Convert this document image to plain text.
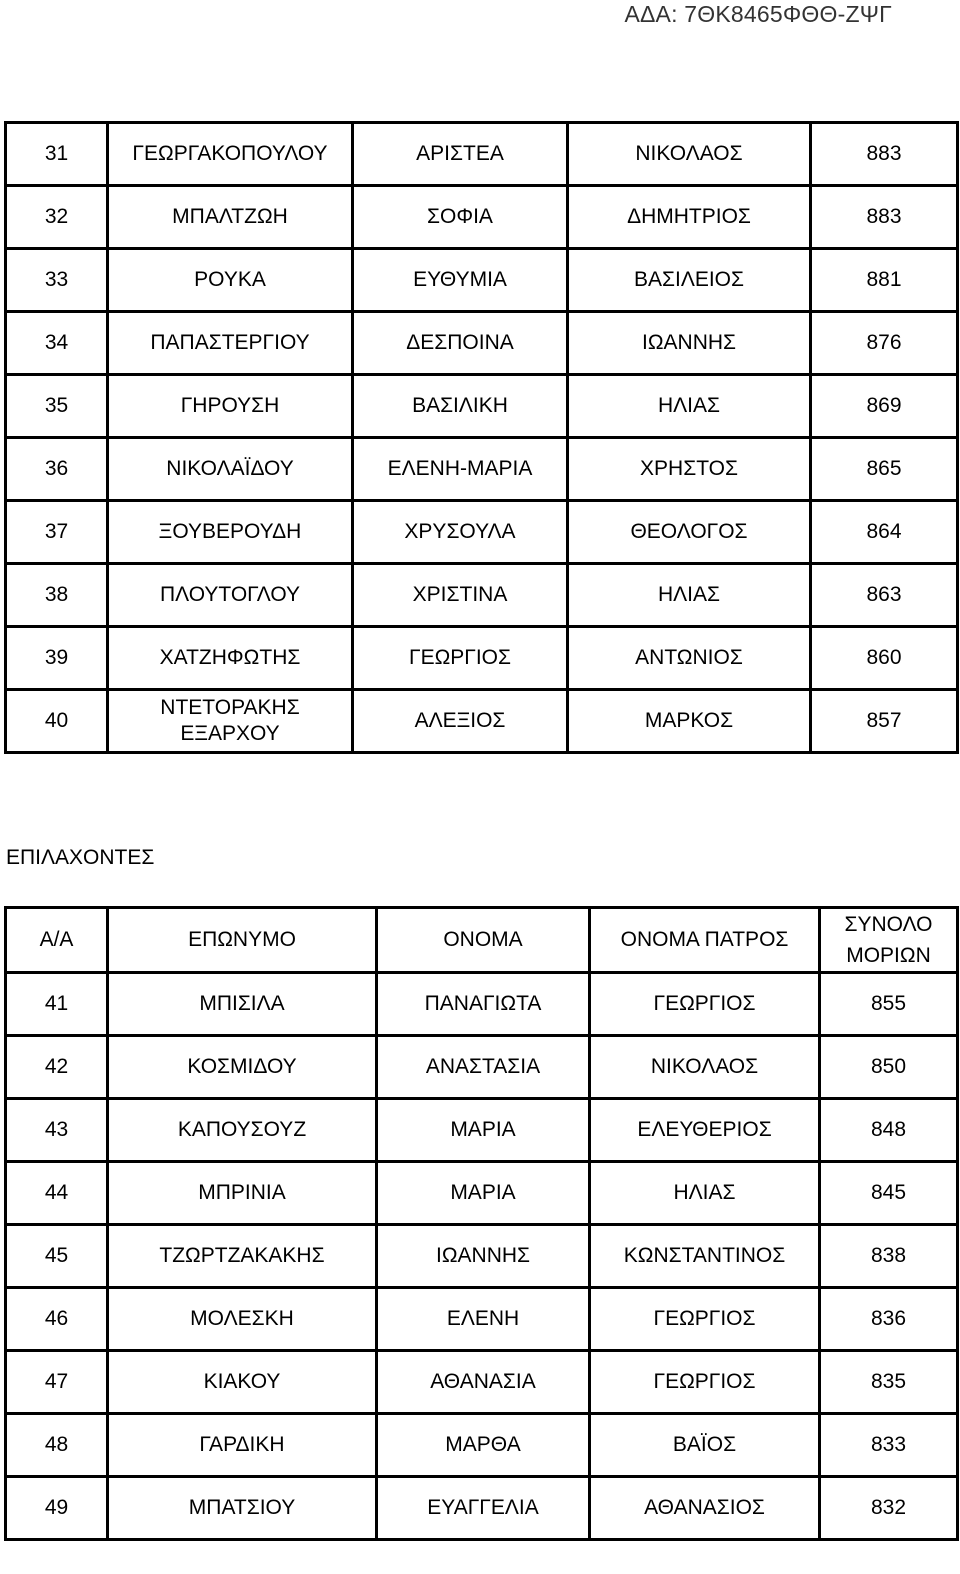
ΑΔΑ: 7ΘΚ8465ΦΘΘ-ΖΨΓ
31	ΓΕΩΡΓΑΚΟΠΟΥΛΟΥ	ΑΡΙΣΤΕΑ	ΝΙΚΟΛΑΟΣ	883
32	ΜΠΑΛΤΖΩΗ	ΣΟΦΙΑ	ΔΗΜΗΤΡΙΟΣ	883
33	ΡΟΥΚΑ	ΕΥΘΥΜΙΑ	ΒΑΣΙΛΕΙΟΣ	881
34	ΠΑΠΑΣΤΕΡΓΙΟΥ	ΔΕΣΠΟΙΝΑ	ΙΩΑΝΝΗΣ	876
35	ΓΗΡΟΥΣΗ	ΒΑΣΙΛΙΚΗ	ΗΛΙΑΣ	869
36	ΝΙΚΟΛΑΪΔΟΥ	ΕΛΕΝΗ-ΜΑΡΙΑ	ΧΡΗΣΤΟΣ	865
37	ΞΟΥΒΕΡΟΥΔΗ	ΧΡΥΣΟΥΛΑ	ΘΕΟΛΟΓΟΣ	864
38	ΠΛΟΥΤΟΓΛΟΥ	ΧΡΙΣΤΙΝΑ	ΗΛΙΑΣ	863
39	ΧΑΤΖΗΦΩΤΗΣ	ΓΕΩΡΓΙΟΣ	ΑΝΤΩΝΙΟΣ	860
40	ΝΤΕΤΟΡΑΚΗΣ ΕΞΑΡΧΟΥ	ΑΛΕΞΙΟΣ	ΜΑΡΚΟΣ	857
ΕΠΙΛΑΧΟΝΤΕΣ
Α/Α	ΕΠΩΝΥΜΟ	ΟΝΟΜΑ	ΟΝΟΜΑ ΠΑΤΡΟΣ	ΣΥΝΟΛΟ ΜΟΡΙΩΝ
41	ΜΠΙΣΙΛΑ	ΠΑΝΑΓΙΩΤΑ	ΓΕΩΡΓΙΟΣ	855
42	ΚΟΣΜΙΔΟΥ	ΑΝΑΣΤΑΣΙΑ	ΝΙΚΟΛΑΟΣ	850
43	ΚΑΠΟΥΣΟΥΖ	ΜΑΡΙΑ	ΕΛΕΥΘΕΡΙΟΣ	848
44	ΜΠΡΙΝΙΑ	ΜΑΡΙΑ	ΗΛΙΑΣ	845
45	ΤΖΩΡΤΖΑΚΑΚΗΣ	ΙΩΑΝΝΗΣ	ΚΩΝΣΤΑΝΤΙΝΟΣ	838
46	ΜΟΛΕΣΚΗ	ΕΛΕΝΗ	ΓΕΩΡΓΙΟΣ	836
47	ΚΙΑΚΟΥ	ΑΘΑΝΑΣΙΑ	ΓΕΩΡΓΙΟΣ	835
48	ΓΑΡΔΙΚΗ	ΜΑΡΘΑ	ΒΑΪΟΣ	833
49	ΜΠΑΤΣΙΟΥ	ΕΥΑΓΓΕΛΙΑ	ΑΘΑΝΑΣΙΟΣ	832
